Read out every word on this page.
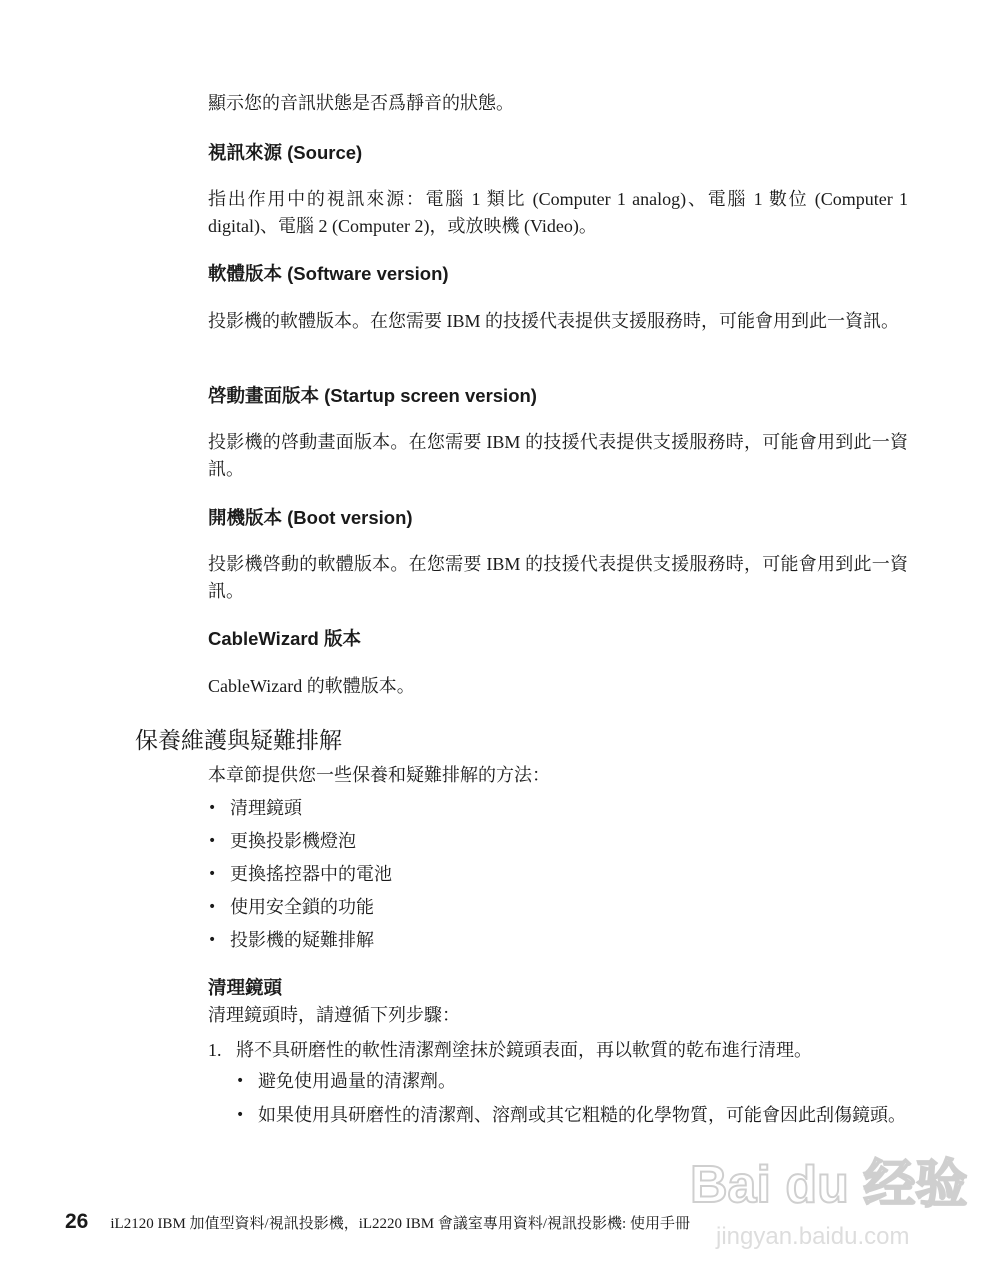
顯示您的音訊狀態是否爲靜音的狀態。
視訊來源 (Source)
指出作用中的視訊來源：電腦 1 類比 (Computer 1 analog)、電腦 1 數位 (Computer 1 digital)、電腦 2 (Computer 2)，或放映機 (Video)。
軟體版本 (Software version)
投影機的軟體版本。在您需要 IBM 的技援代表提供支援服務時，可能會用到此一資訊。
啓動畫面版本 (Startup screen version)
投影機的啓動畫面版本。在您需要 IBM 的技援代表提供支援服務時，可能會用到此一資訊。
開機版本 (Boot version)
投影機啓動的軟體版本。在您需要 IBM 的技援代表提供支援服務時，可能會用到此一資訊。
CableWizard 版本
CableWizard 的軟體版本。
保養維護與疑難排解
本章節提供您一些保養和疑難排解的方法：
• 清理鏡頭
• 更換投影機燈泡
• 更換搖控器中的電池
• 使用安全鎖的功能
• 投影機的疑難排解
清理鏡頭
清理鏡頭時，請遵循下列步驟：
1. 將不具研磨性的軟性清潔劑塗抹於鏡頭表面，再以軟質的乾布進行清理。
• 避免使用過量的清潔劑。
• 如果使用具研磨性的清潔劑、溶劑或其它粗糙的化學物質，可能會因此刮傷鏡頭。
26 iL2120 IBM 加值型資料/視訊投影機，iL2220 IBM 會議室專用資料/視訊投影機: 使用手冊
Bai du 经验
jingyan.baidu.com
